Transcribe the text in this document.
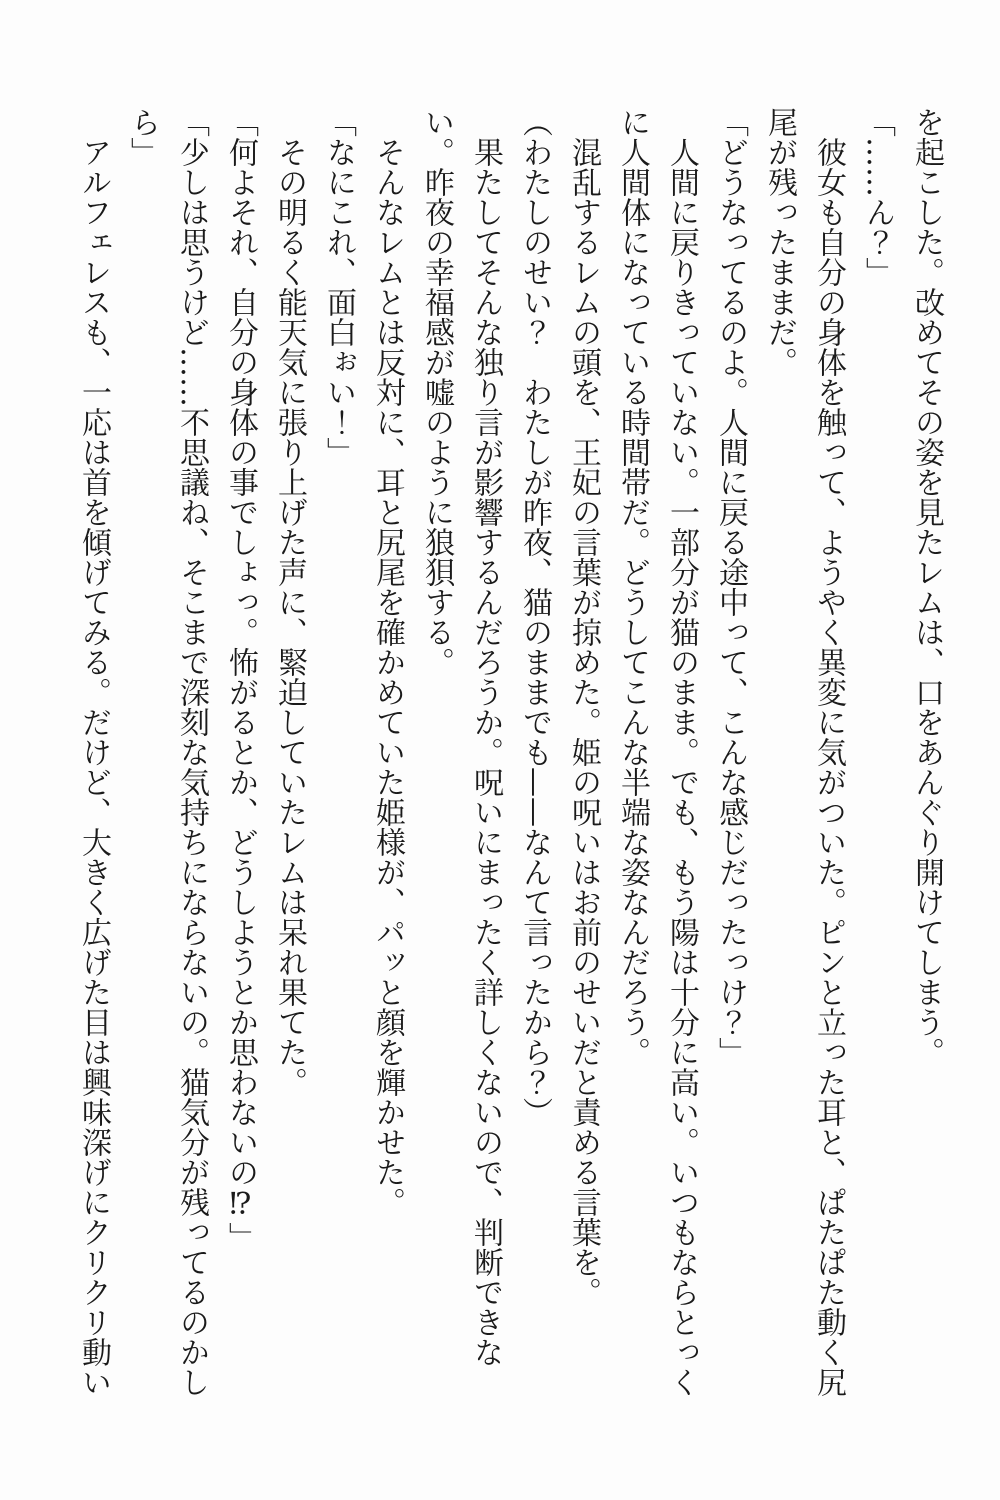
を起こした。改めてその姿を見たレムは、口をあんぐり開けてしまう。
「……ん？」
　彼女も自分の身体を触って、ようやく異変に気がついた。ピンと立った耳と、ぱたぱた動く尻
尾が残ったままだ。
「どうなってるのよ。人間に戻る途中って、こんな感じだったっけ？」
　人間に戻りきっていない。一部分が猫のまま。でも、もう陽は十分に高い。いつもならとっく
に人間体になっている時間帯だ。どうしてこんな半端な姿なんだろう。
　混乱するレムの頭を、王妃の言葉が掠めた。姫の呪いはお前のせいだと責める言葉を。
（わたしのせい？　わたしが昨夜、猫のままでも——なんて言ったから？）
　果たしてそんな独り言が影響するんだろうか。呪いにまったく詳しくないので、判断できな
い。昨夜の幸福感が嘘のように狼狽する。
　そんなレムとは反対に、耳と尻尾を確かめていた姫様が、パッと顔を輝かせた。
「なにこれ、面白ぉい！」
　その明るく能天気に張り上げた声に、緊迫していたレムは呆れ果てた。
「何よそれ、自分の身体の事でしょっ。怖がるとか、どうしようとか思わないの⁉」
「少しは思うけど……不思議ね、そこまで深刻な気持ちにならないの。猫気分が残ってるのかし
ら」
　アルフェレスも、一応は首を傾げてみる。だけど、大きく広げた目は興味深げにクリクリ動い
